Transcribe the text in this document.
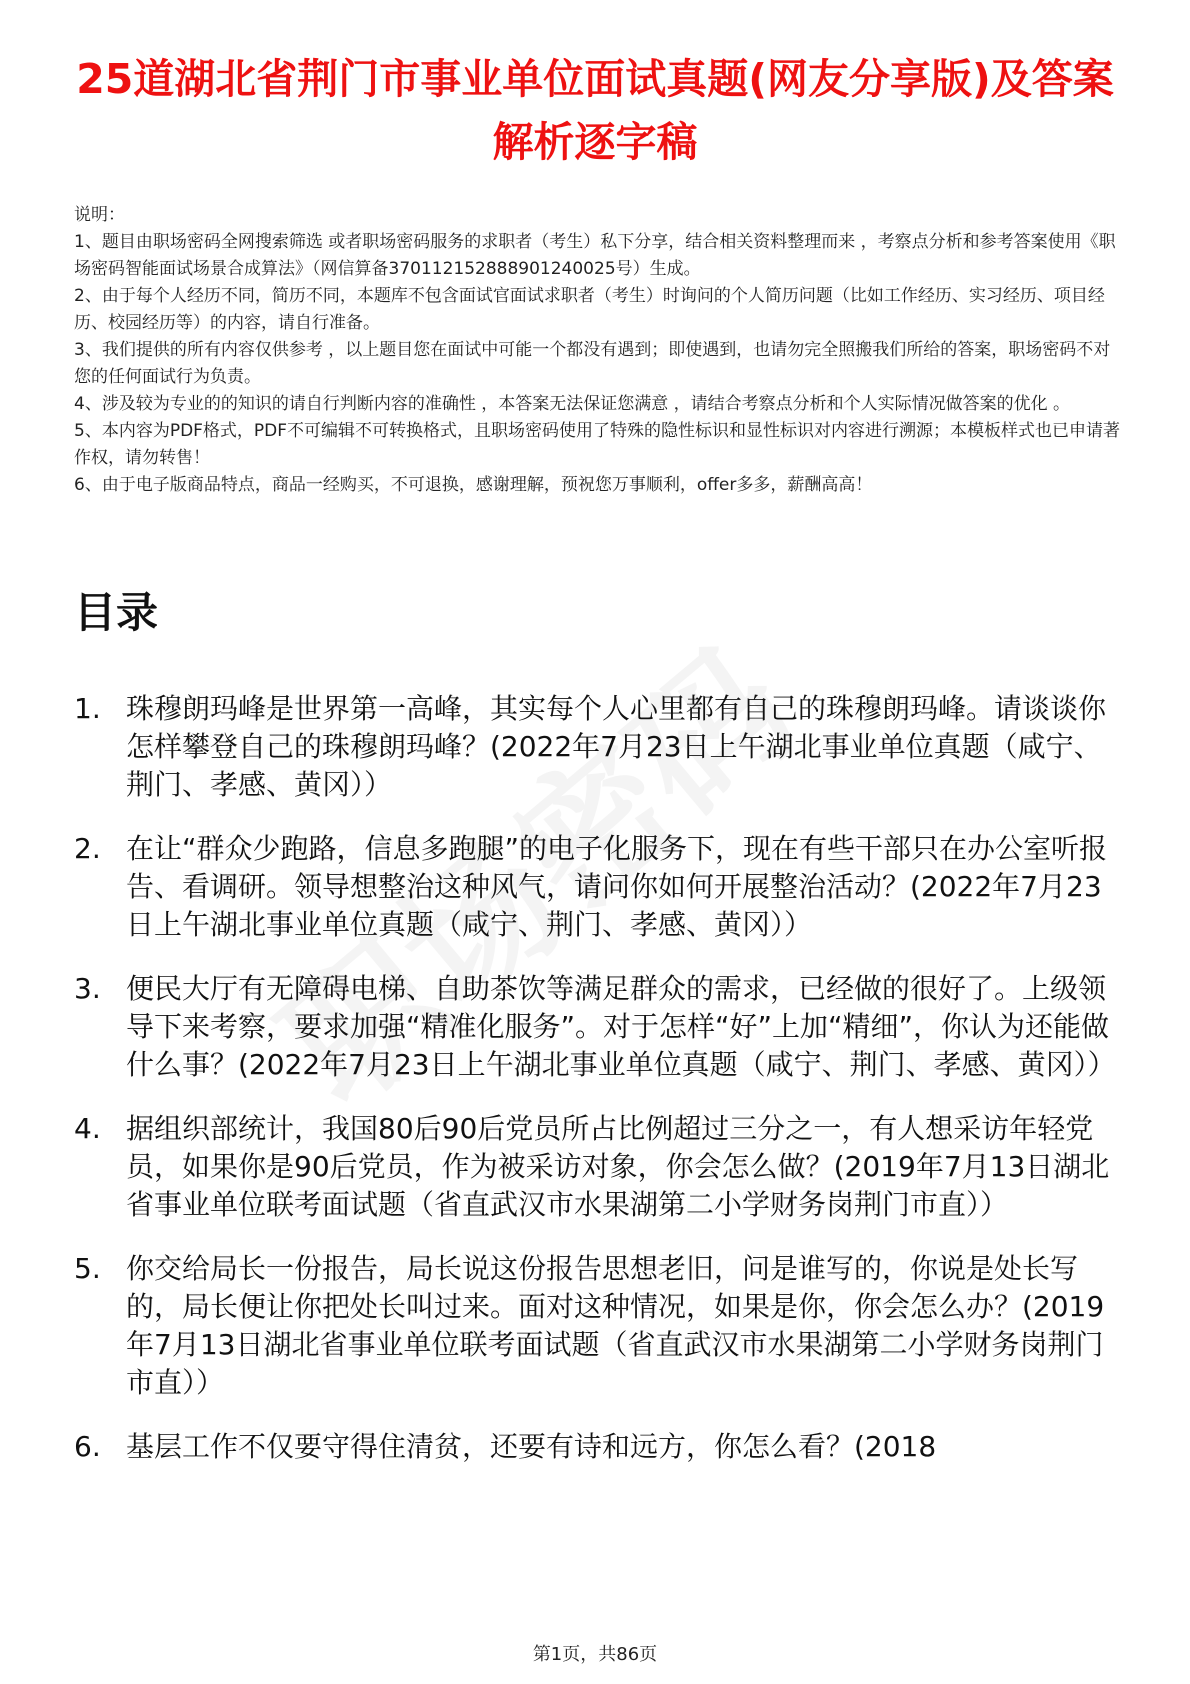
25道湖北省荆门市事业单位面试真题(网友分享版)及答案解析逐字稿

说明：

1、题目由职场密码全网搜索筛选 或者职场密码服务的求职者（考生）私下分享，结合相关资料整理而来 ，考察点分析和参考答案使用《职场密码智能面试场景合成算法》（网信算备370112152888901240025号）生成。

2、由于每个人经历不同，简历不同，本题库不包含面试官面试求职者（考生）时询问的个人简历问题（比如工作经历、实习经历、项目经历、校园经历等）的内容，请自行准备。

3、我们提供的所有内容仅供参考 ，以上题目您在面试中可能一个都没有遇到；即使遇到，也请勿完全照搬我们所给的答案，职场密码不对您的任何面试行为负责。

4、涉及较为专业的的知识的请自行判断内容的准确性 ，本答案无法保证您满意 ，请结合考察点分析和个人实际情况做答案的优化 。

5、本内容为PDF格式，PDF不可编辑不可转换格式，且职场密码使用了特殊的隐性标识和显性标识对内容进行溯源；本模板样式也已申请著作权，请勿转售！

6、由于电子版商品特点，商品一经购买，不可退换，感谢理解，预祝您万事顺利，offer多多，薪酬高高！

目录
1. 珠穆朗玛峰是世界第一高峰，其实每个人心里都有自己的珠穆朗玛峰。请谈谈你怎样攀登自己的珠穆朗玛峰？(2022年7月23日上午湖北事业单位真题（咸宁、荆门、孝感、黄冈））
2. 在让“群众少跑路，信息多跑腿”的电子化服务下，现在有些干部只在办公室听报告、看调研。领导想整治这种风气，请问你如何开展整治活动？(2022年7月23日上午湖北事业单位真题（咸宁、荆门、孝感、黄冈））
3. 便民大厅有无障碍电梯、自助茶饮等满足群众的需求，已经做的很好了。上级领导下来考察，要求加强“精准化服务”。对于怎样“好”上加“精细”，你认为还能做什么事？(2022年7月23日上午湖北事业单位真题（咸宁、荆门、孝感、黄冈））
4. 据组织部统计，我国80后90后党员所占比例超过三分之一，有人想采访年轻党员，如果你是90后党员，作为被采访对象，你会怎么做？(2019年7月13日湖北省事业单位联考面试题（省直武汉市水果湖第二小学财务岗荆门市直））
5. 你交给局长一份报告，局长说这份报告思想老旧，问是谁写的，你说是处长写的，局长便让你把处长叫过来。面对这种情况，如果是你，你会怎么办？(2019年7月13日湖北省事业单位联考面试题（省直武汉市水果湖第二小学财务岗荆门市直））
6. 基层工作不仅要守得住清贫，还要有诗和远方，你怎么看？(2018
第1页，共86页
